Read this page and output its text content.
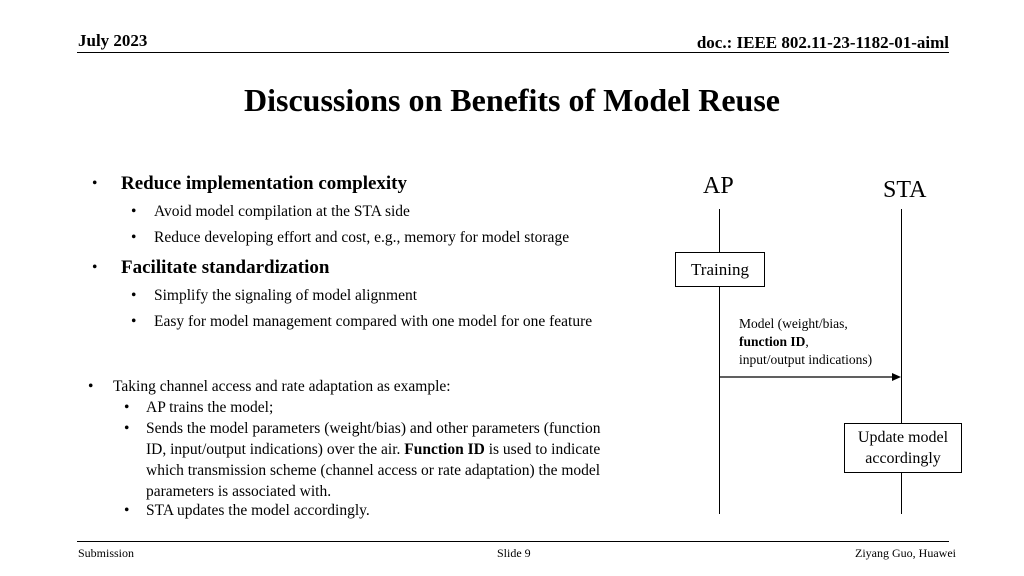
July 2023	doc.: IEEE 802.11-23-1182-01-aiml
Discussions on Benefits of Model Reuse
• Reduce implementation complexity
• Avoid model compilation at the STA side
• Reduce developing effort and cost, e.g., memory for model storage
• Facilitate standardization
• Simplify the signaling of model alignment
• Easy for model management compared with one model for one feature
• Taking channel access and rate adaptation as example:
• AP trains the model;
• Sends the model parameters (weight/bias) and other parameters (function ID, input/output indications) over the air. Function ID is used to indicate which transmission scheme (channel access or rate adaptation) the model parameters is associated with.
• STA updates the model accordingly.
AP	STA
Training
Model (weight/bias,
function ID,
input/output indications)
Update model
accordingly
Submission	Slide 9	Ziyang Guo, Huawei
